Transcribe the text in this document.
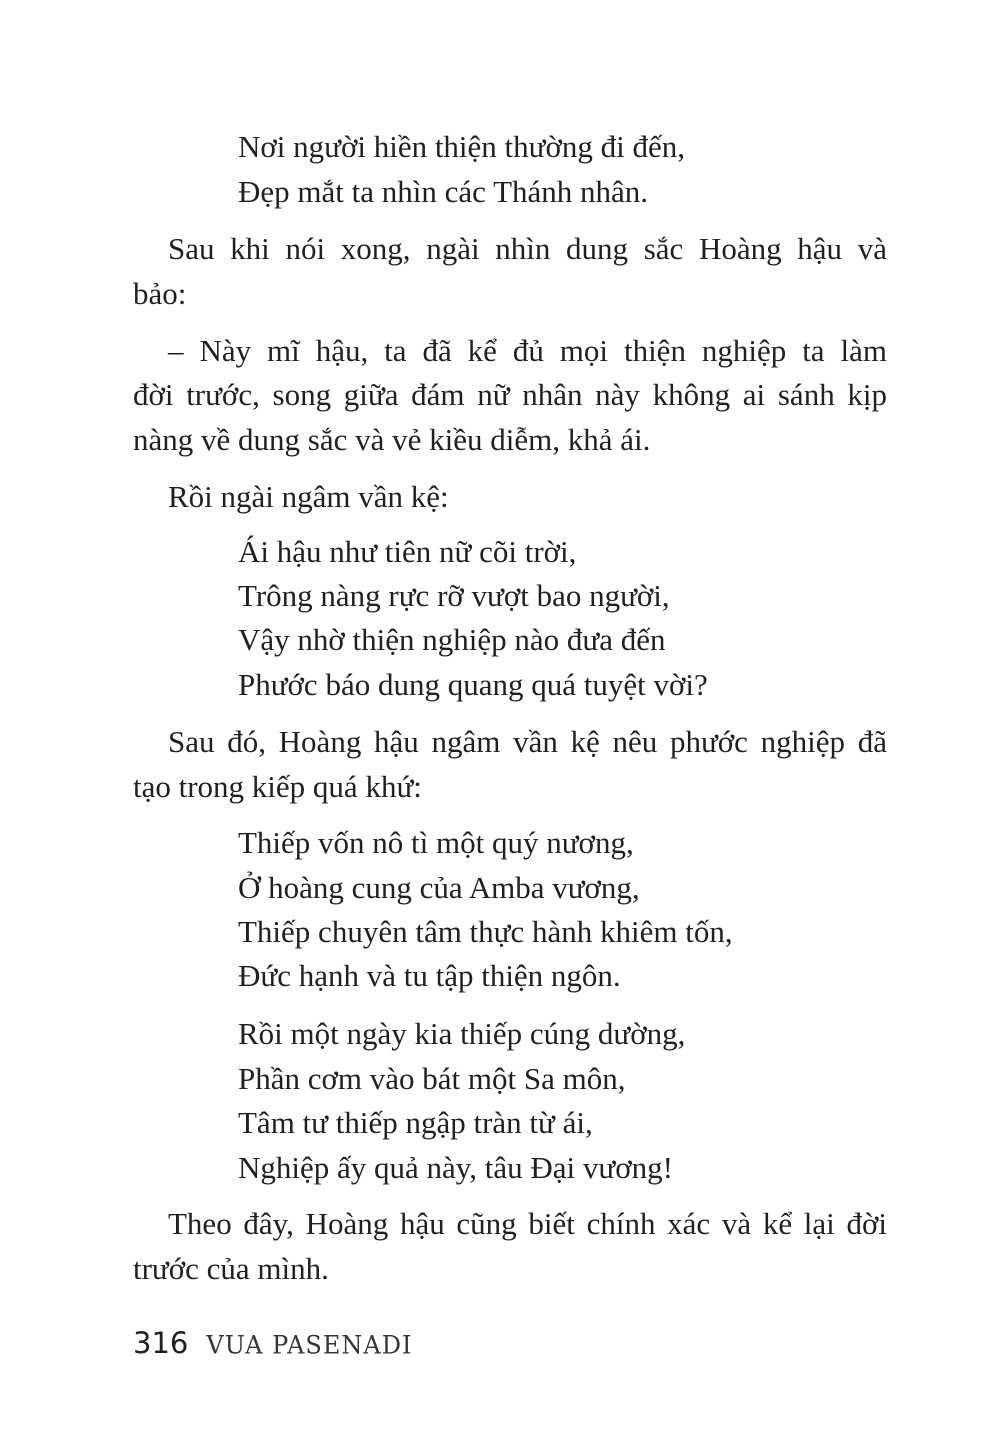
Nơi người hiền thiện thường đi đến,

Đẹp mắt ta nhìn các Thánh nhân.

Sau khi nói xong, ngài nhìn dung sắc Hoàng hậu và

bảo:

– Này mĩ hậu, ta đã kể đủ mọi thiện nghiệp ta làm

đời trước, song giữa đám nữ nhân này không ai sánh kịp

nàng về dung sắc và vẻ kiều diễm, khả ái.

Rồi ngài ngâm vần kệ:

Ái hậu như tiên nữ cõi trời,

Trông nàng rực rỡ vượt bao người,

Vậy nhờ thiện nghiệp nào đưa đến

Phước báo dung quang quá tuyệt vời?

Sau đó, Hoàng hậu ngâm vần kệ nêu phước nghiệp đã

tạo trong kiếp quá khứ:

Thiếp vốn nô tì một quý nương,

Ở hoàng cung của Amba vương,

Thiếp chuyên tâm thực hành khiêm tốn,

Đức hạnh và tu tập thiện ngôn.

Rồi một ngày kia thiếp cúng dường,

Phần cơm vào bát một Sa môn,

Tâm tư thiếp ngập tràn từ ái,

Nghiệp ấy quả này, tâu Đại vương!

Theo đây, Hoàng hậu cũng biết chính xác và kể lại đời

trước của mình.

316 VUA PASENADI
